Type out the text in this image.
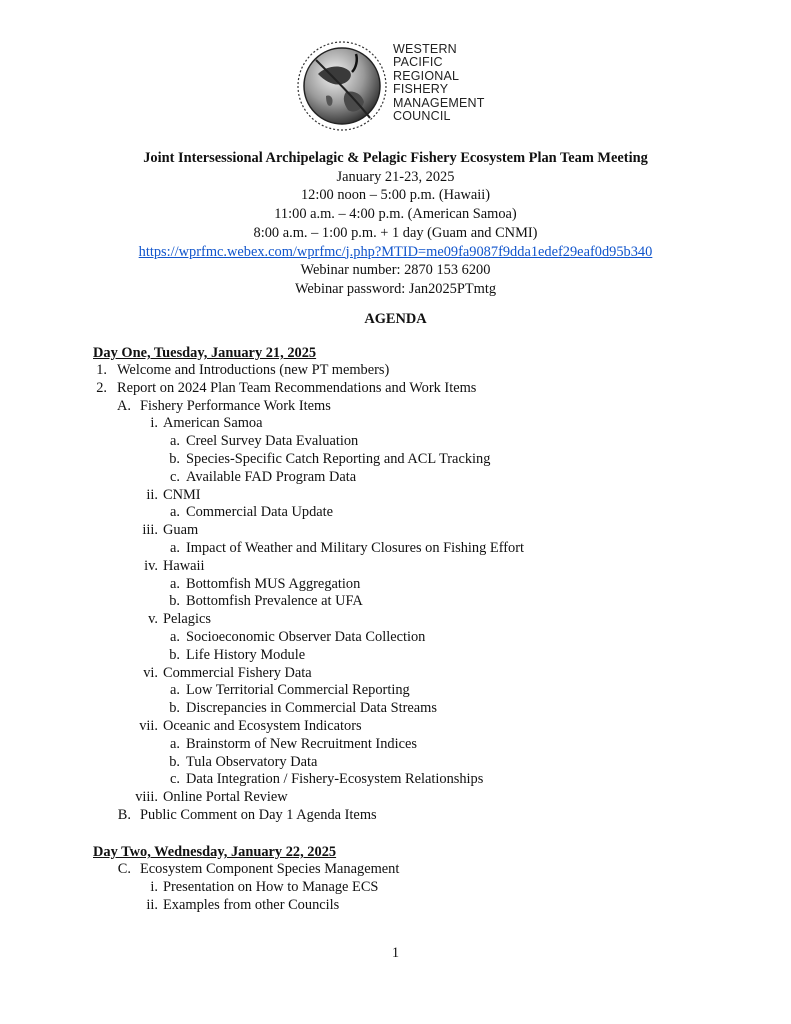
WESTERN
PACIFIC
REGIONAL
FISHERY
MANAGEMENT
COUNCIL
Joint Intersessional Archipelagic & Pelagic Fishery Ecosystem Plan Team Meeting
January 21-23, 2025
12:00 noon – 5:00 p.m. (Hawaii)
11:00 a.m. – 4:00 p.m. (American Samoa)
8:00 a.m. – 1:00 p.m. + 1 day (Guam and CNMI)
https://wprfmc.webex.com/wprfmc/j.php?MTID=me09fa9087f9dda1edef29eaf0d95b340
Webinar number: 2870 153 6200
Webinar password: Jan2025PTmtg
AGENDA
Day One, Tuesday, January 21, 2025
1. Welcome and Introductions (new PT members)
2. Report on 2024 Plan Team Recommendations and Work Items
A. Fishery Performance Work Items
i. American Samoa
a. Creel Survey Data Evaluation
b. Species-Specific Catch Reporting and ACL Tracking
c. Available FAD Program Data
ii. CNMI
a. Commercial Data Update
iii. Guam
a. Impact of Weather and Military Closures on Fishing Effort
iv. Hawaii
a. Bottomfish MUS Aggregation
b. Bottomfish Prevalence at UFA
v. Pelagics
a. Socioeconomic Observer Data Collection
b. Life History Module
vi. Commercial Fishery Data
a. Low Territorial Commercial Reporting
b. Discrepancies in Commercial Data Streams
vii. Oceanic and Ecosystem Indicators
a. Brainstorm of New Recruitment Indices
b. Tula Observatory Data
c. Data Integration / Fishery-Ecosystem Relationships
viii. Online Portal Review
B. Public Comment on Day 1 Agenda Items
Day Two, Wednesday, January 22, 2025
C. Ecosystem Component Species Management
i. Presentation on How to Manage ECS
ii. Examples from other Councils
1
